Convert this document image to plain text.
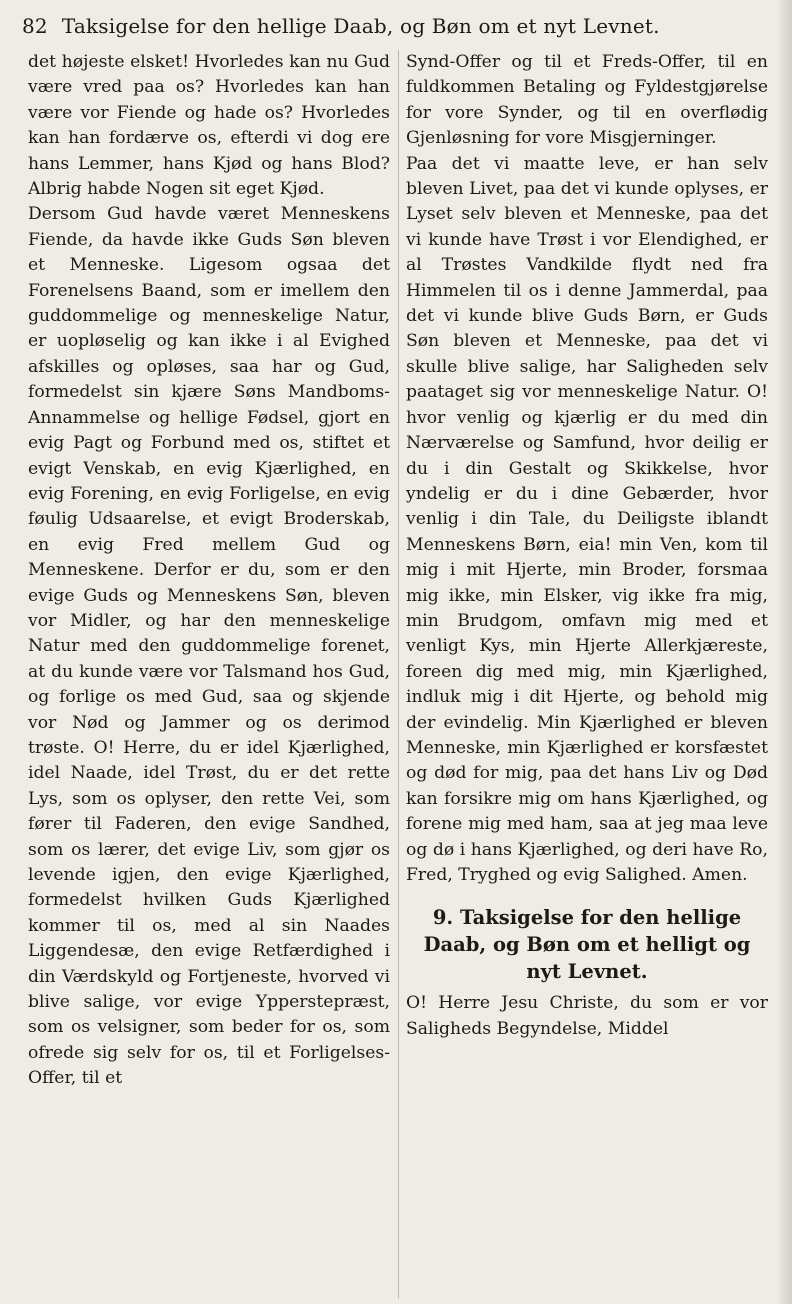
82 Taksigelse for den hellige Daab, og Bøn om et nyt Levnet.

det højeste elsket! Hvorledes kan nu Gud være vred paa os? Hvorledes kan han være vor Fiende og hade os? Hvorledes kan han fordærve os, efterdi vi dog ere hans Lemmer, hans Kjød og hans Blod? Albrig habde Nogen sit eget Kjød.

Dersom Gud havde været Menneskens Fiende, da havde ikke Guds Søn bleven et Menneske. Ligesom ogsaa det Forenelsens Baand, som er imellem den guddommelige og menneskelige Natur, er uopløselig og kan ikke i al Evighed afskilles og opløses, saa har og Gud, formedelst sin kjære Søns Mandboms-Annammelse og hellige Fødsel, gjort en evig Pagt og Forbund med os, stiftet et evigt Venskab, en evig Kjærlighed, en evig Forening, en evig Forligelse, en evig føulig Udsaarelse, et evigt Broderskab, en evig Fred mellem Gud og Menneskene. Derfor er du, som er den evige Guds og Menneskens Søn, bleven vor Midler, og har den menneskelige Natur med den guddommelige forenet, at du kunde være vor Talsmand hos Gud, og forlige os med Gud, saa og skjende vor Nød og Jammer og os derimod trøste. O! Herre, du er idel Kjærlighed, idel Naade, idel Trøst, du er det rette Lys, som os oplyser, den rette Vei, som fører til Faderen, den evige Sandhed, som os lærer, det evige Liv, som gjør os levende igjen, den evige Kjærlighed, formedelst hvilken Guds Kjærlighed kommer til os, med al sin Naades Liggendesæ, den evige Retfærdighed i din Værdskyld og Fortjeneste, hvorved vi blive salige, vor evige Ypperstepræst, som os velsigner, som beder for os, som ofrede sig selv for os, til et Forligelses-Offer, til et

Synd-Offer og til et Freds-Offer, til en fuldkommen Betaling og Fyldestgjørelse for vore Synder, og til en overflødig Gjenløsning for vore Misgjerninger.

Paa det vi maatte leve, er han selv bleven Livet, paa det vi kunde oplyses, er Lyset selv bleven et Menneske, paa det vi kunde have Trøst i vor Elendighed, er al Trøstes Vandkilde flydt ned fra Himmelen til os i denne Jammerdal, paa det vi kunde blive Guds Børn, er Guds Søn bleven et Menneske, paa det vi skulle blive salige, har Saligheden selv paataget sig vor menneskelige Natur. O! hvor venlig og kjærlig er du med din Nærværelse og Samfund, hvor deilig er du i din Gestalt og Skikkelse, hvor yndelig er du i dine Gebærder, hvor venlig i din Tale, du Deiligste iblandt Menneskens Børn, eia! min Ven, kom til mig i mit Hjerte, min Broder, forsmaa mig ikke, min Elsker, vig ikke fra mig, min Brudgom, omfavn mig med et venligt Kys, min Hjerte Allerkjæreste, foreen dig med mig, min Kjærlighed, indluk mig i dit Hjerte, og behold mig der evindelig. Min Kjærlighed er bleven Menneske, min Kjærlighed er korsfæstet og død for mig, paa det hans Liv og Død kan forsikre mig om hans Kjærlighed, og forene mig med ham, saa at jeg maa leve og dø i hans Kjærlighed, og deri have Ro, Fred, Tryghed og evig Salighed. Amen.

9. Taksigelse for den hellige Daab, og Bøn om et helligt og nyt Levnet.

O! Herre Jesu Christe, du som er vor Saligheds Begyndelse, Middel
